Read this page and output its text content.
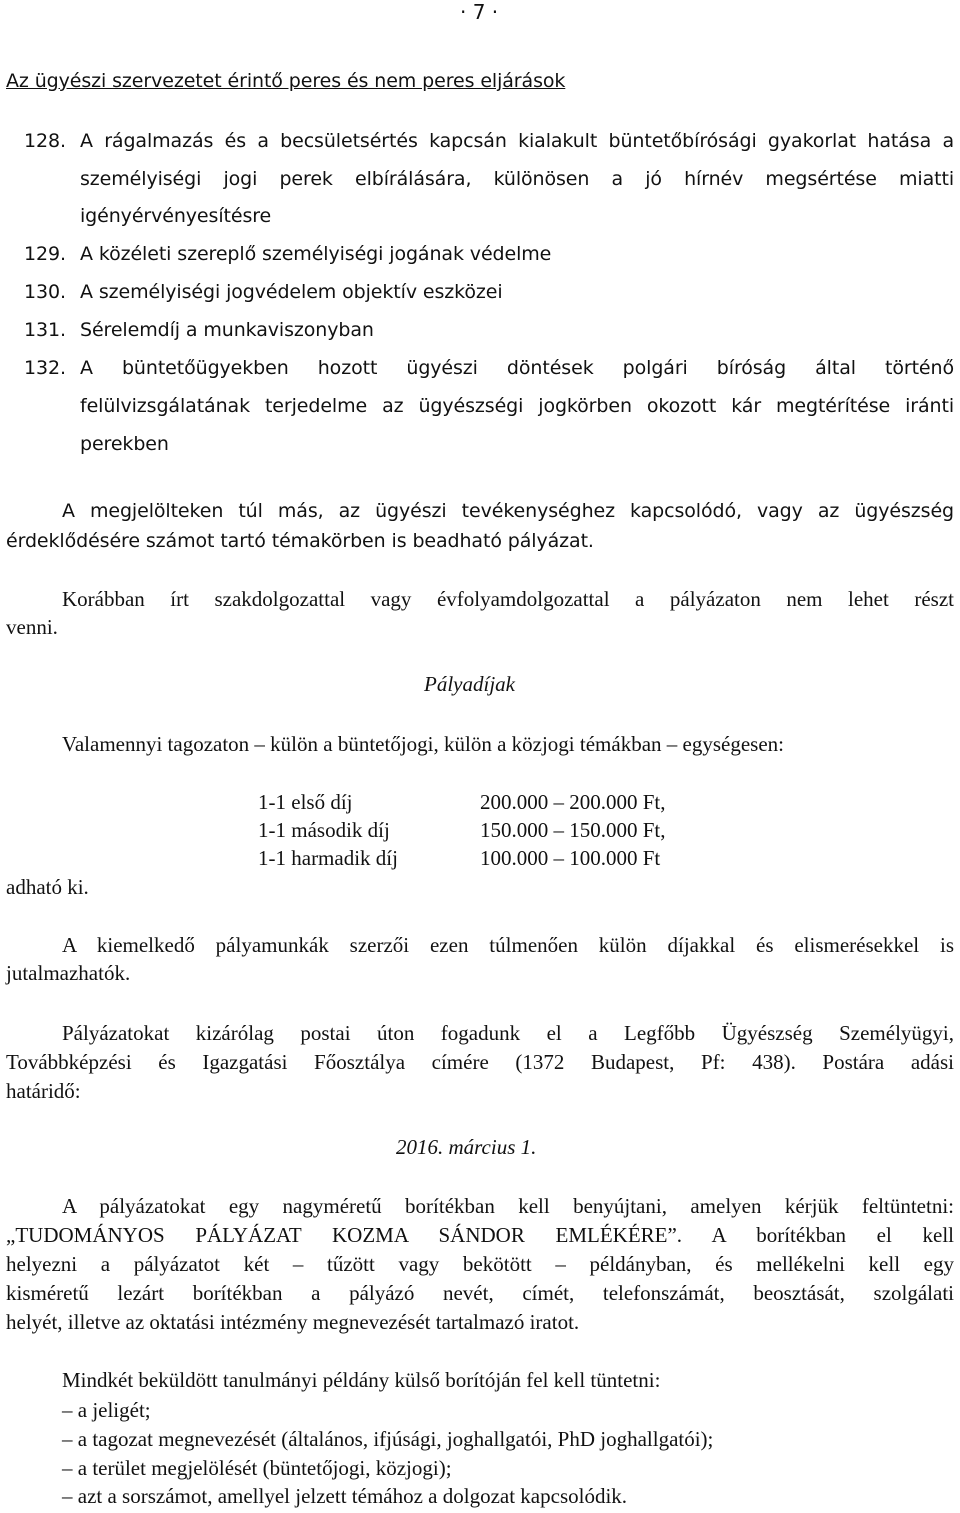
· 7 ·
Az ügyészi szervezetet érintő peres és nem peres eljárások
128. A rágalmazás és a becsületsértés kapcsán kialakult büntetőbírósági gyakorlat hatása a
személyiségi jogi perek elbírálására, különösen a jó hírnév megsértése miatti
igényérvényesítésre
129. A közéleti szereplő személyiségi jogának védelme
130. A személyiségi jogvédelem objektív eszközei
131. Sérelemdíj a munkaviszonyban
132. A büntetőügyekben hozott ügyészi döntések polgári bíróság által történő
felülvizsgálatának terjedelme az ügyészségi jogkörben okozott kár megtérítése iránti
perekben
A megjelölteken túl más, az ügyészi tevékenységhez kapcsolódó, vagy az ügyészség
érdeklődésére számot tartó témakörben is beadható pályázat.
Korábban írt szakdolgozattal vagy évfolyamdolgozattal a pályázaton nem lehet részt
venni.
Pályadíjak
Valamennyi tagozaton – külön a büntetőjogi, külön a közjogi témákban – egységesen:
1-1 első díj	200.000 – 200.000 Ft,
1-1 második díj	150.000 – 150.000 Ft,
1-1 harmadik díj	100.000 – 100.000 Ft
adható ki.
A kiemelkedő pályamunkák szerzői ezen túlmenően külön díjakkal és elismerésekkel is
jutalmazhatók.
Pályázatokat kizárólag postai úton fogadunk el a Legfőbb Ügyészség Személyügyi,
Továbbképzési és Igazgatási Főosztálya címére (1372 Budapest, Pf: 438). Postára adási
határidő:
2016. március 1.
A pályázatokat egy nagyméretű borítékban kell benyújtani, amelyen kérjük feltüntetni:
„TUDOMÁNYOS PÁLYÁZAT KOZMA SÁNDOR EMLÉKÉRE”. A borítékban el kell
helyezni a pályázatot két – tűzött vagy bekötött – példányban, és mellékelni kell egy
kisméretű lezárt borítékban a pályázó nevét, címét, telefonszámát, beosztását, szolgálati
helyét, illetve az oktatási intézmény megnevezését tartalmazó iratot.
Mindkét beküldött tanulmányi példány külső borítóján fel kell tüntetni:
– a jeligét;
– a tagozat megnevezését (általános, ifjúsági, joghallgatói, PhD joghallgatói);
– a terület megjelölését (büntetőjogi, közjogi);
– azt a sorszámot, amellyel jelzett témához a dolgozat kapcsolódik.
